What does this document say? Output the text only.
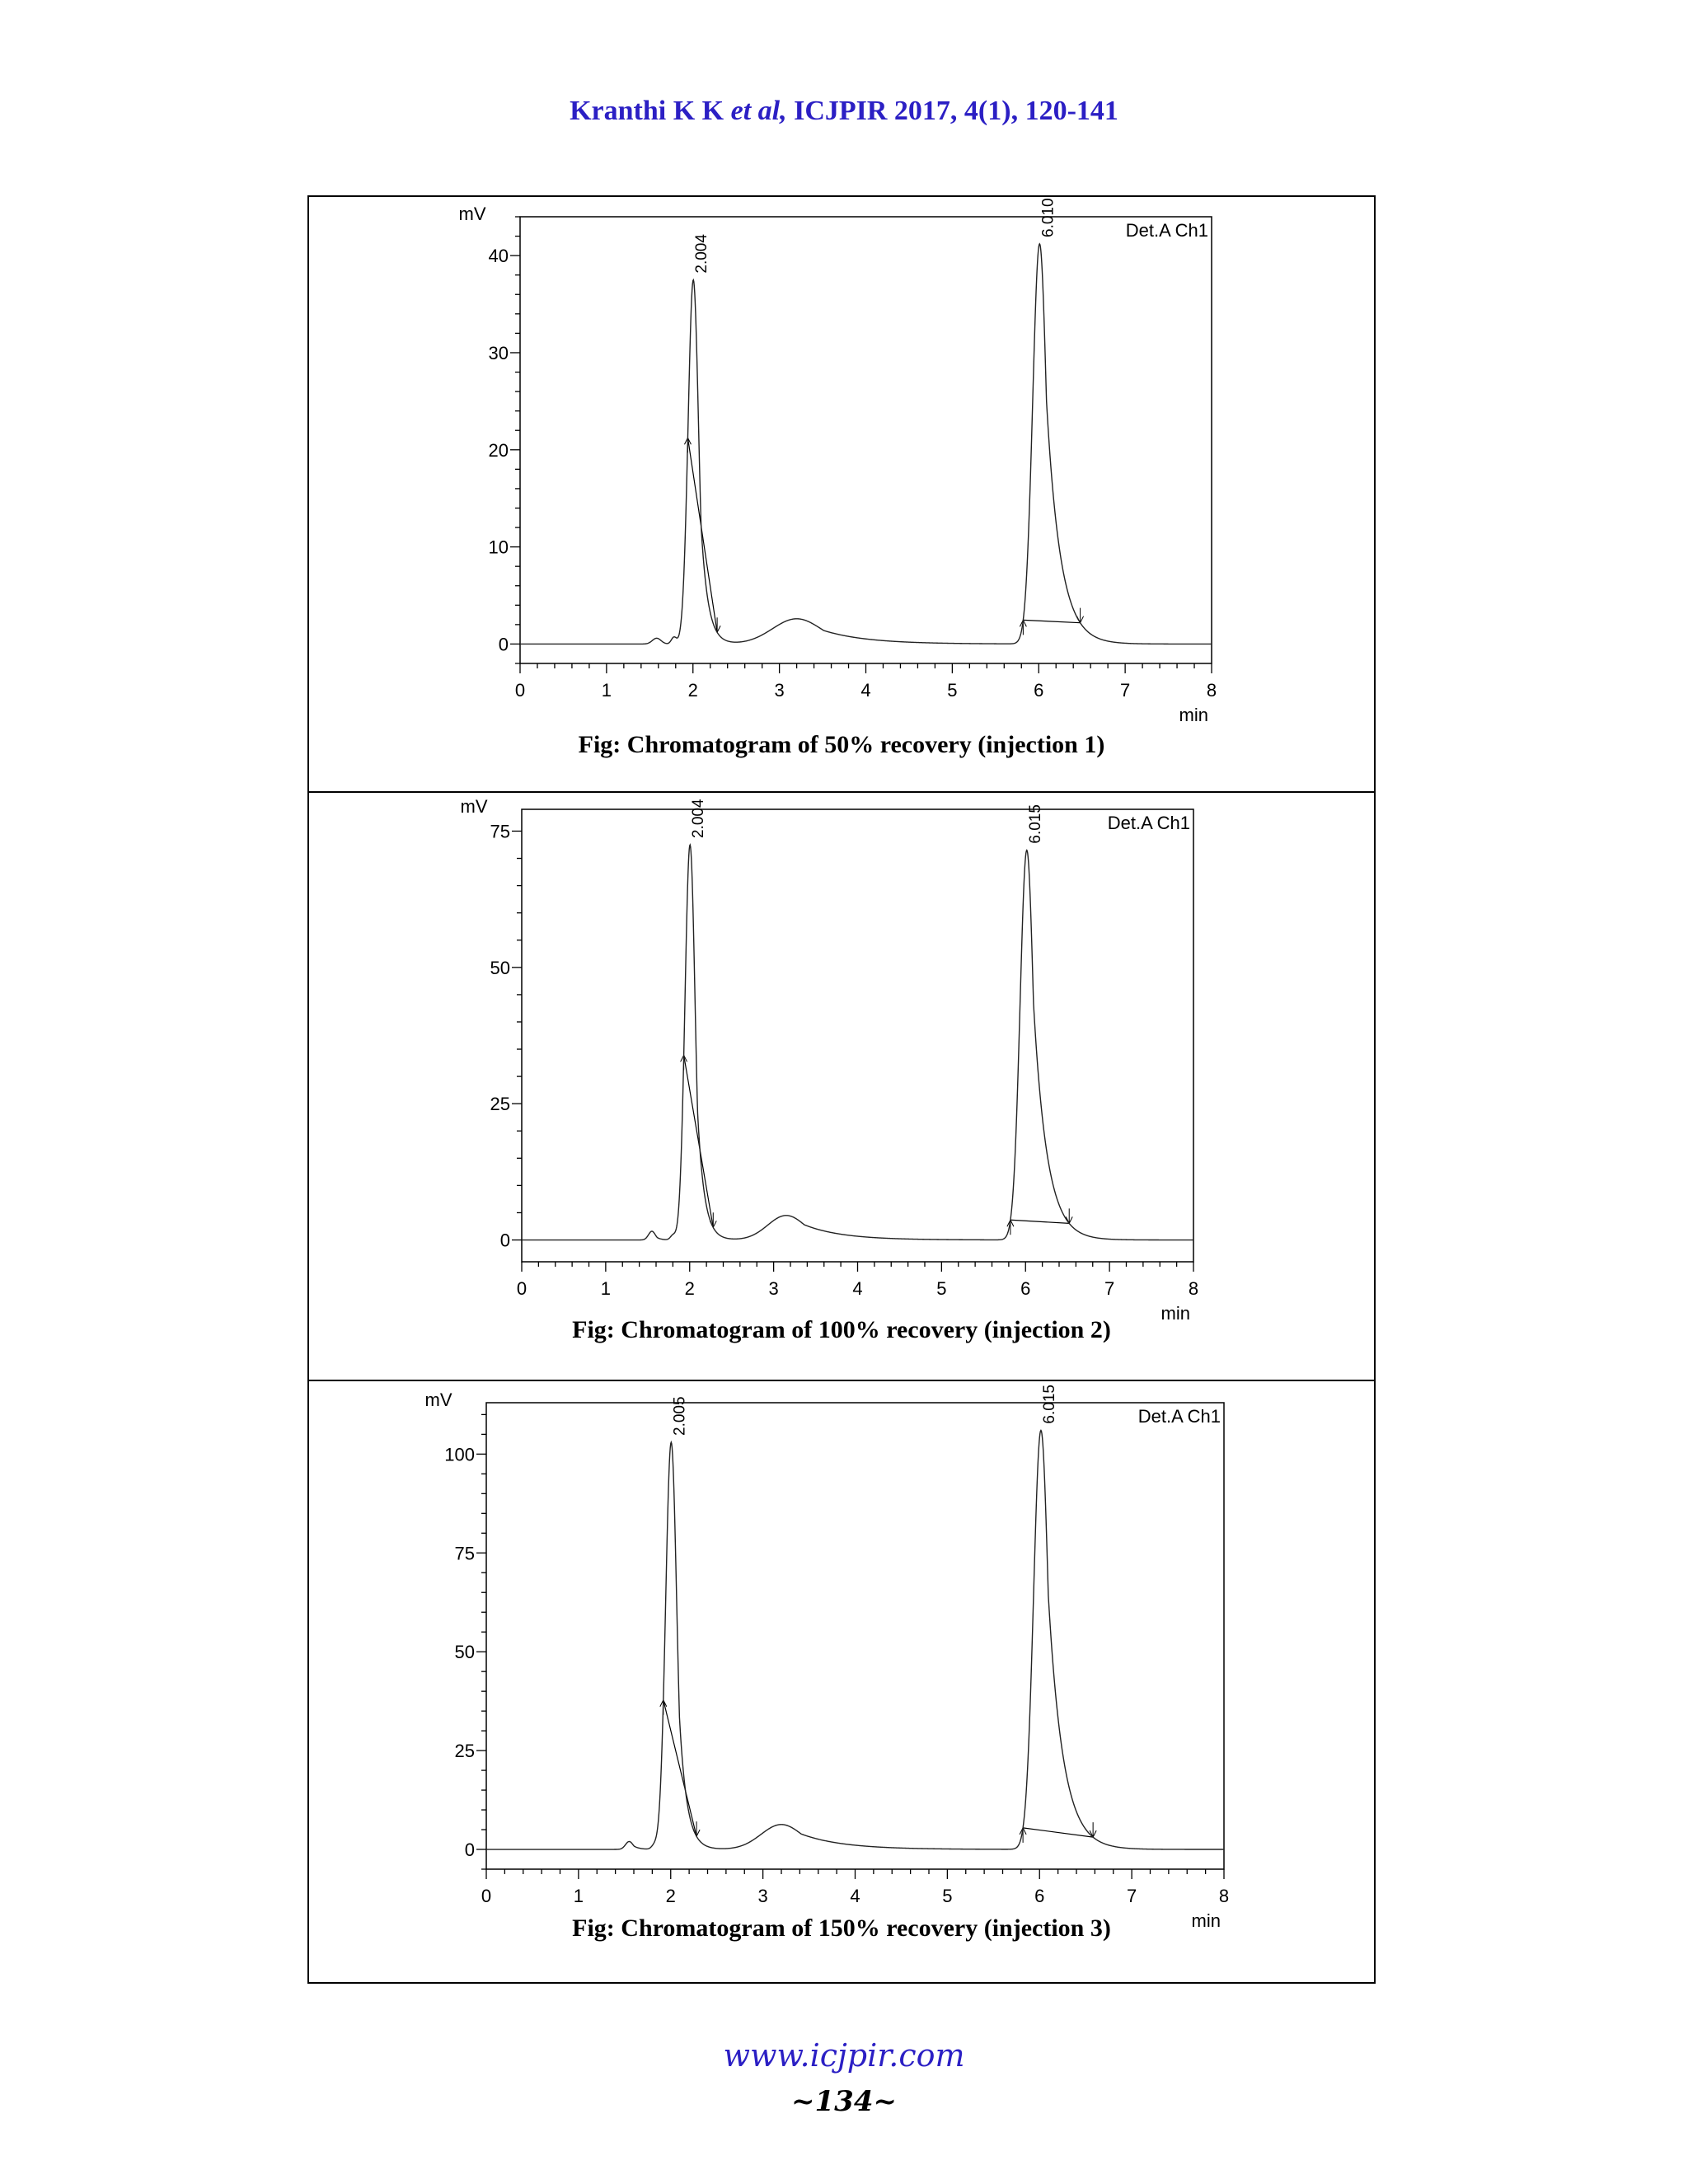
Kranthi K K et al, ICJPIR 2017, 4(1), 120-141
0	1	2	3	4	5	6	7	8
0
10
20
30
40
mV
min
Det.A Ch1
2.004
6.010
Fig: Chromatogram of 50% recovery (injection 1)
0	1	2	3	4	5	6	7	8
0
25
50
75
mV
min
Det.A Ch1
2.004	6.015
Fig: Chromatogram of 100% recovery (injection 2)
0	1	2	3	4	5	6	7	8
0
25
50
75
100
mV
min
Det.A Ch1
2.005	6.015
Fig: Chromatogram of 150% recovery (injection 3)
www.icjpir.com
~134~
